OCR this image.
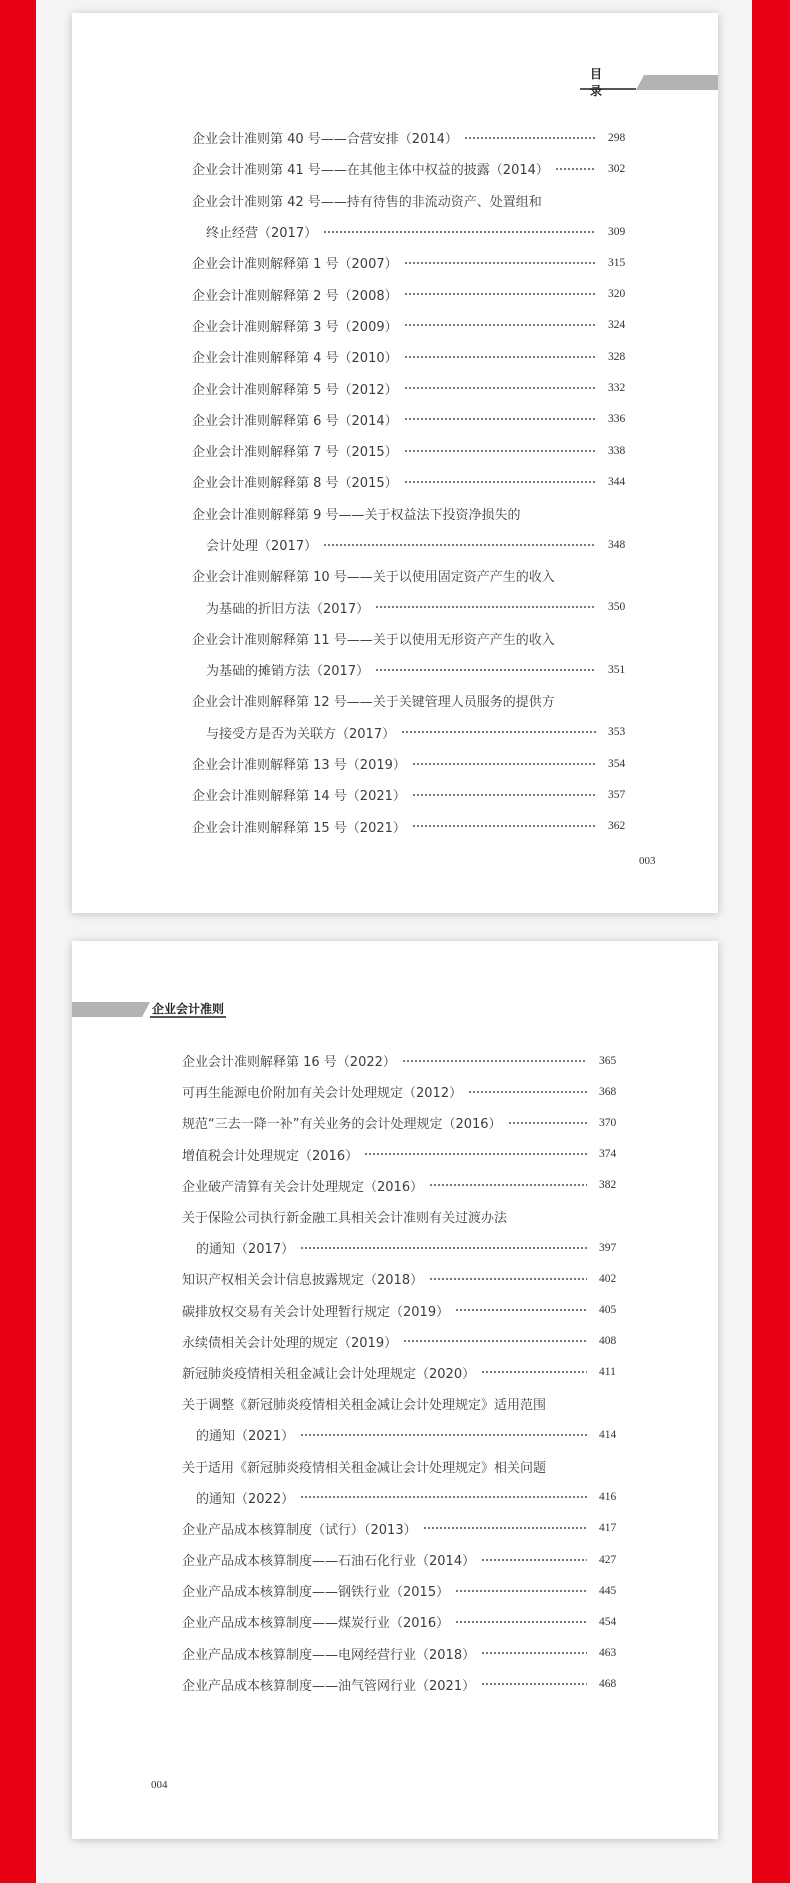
目录
企业会计准则第 40 号——合营安排（2014）	298
企业会计准则第 41 号——在其他主体中权益的披露（2014）	302
企业会计准则第 42 号——持有待售的非流动资产、处置组和
终止经营（2017）	309
企业会计准则解释第 1 号（2007）	315
企业会计准则解释第 2 号（2008）	320
企业会计准则解释第 3 号（2009）	324
企业会计准则解释第 4 号（2010）	328
企业会计准则解释第 5 号（2012）	332
企业会计准则解释第 6 号（2014）	336
企业会计准则解释第 7 号（2015）	338
企业会计准则解释第 8 号（2015）	344
企业会计准则解释第 9 号——关于权益法下投资净损失的
会计处理（2017）	348
企业会计准则解释第 10 号——关于以使用固定资产产生的收入
为基础的折旧方法（2017）	350
企业会计准则解释第 11 号——关于以使用无形资产产生的收入
为基础的摊销方法（2017）	351
企业会计准则解释第 12 号——关于关键管理人员服务的提供方
与接受方是否为关联方（2017）	353
企业会计准则解释第 13 号（2019）	354
企业会计准则解释第 14 号（2021）	357
企业会计准则解释第 15 号（2021）	362
003
企业会计准则
企业会计准则解释第 16 号（2022）	365
可再生能源电价附加有关会计处理规定（2012）	368
规范“三去一降一补”有关业务的会计处理规定（2016）	370
增值税会计处理规定（2016）	374
企业破产清算有关会计处理规定（2016）	382
关于保险公司执行新金融工具相关会计准则有关过渡办法
的通知（2017）	397
知识产权相关会计信息披露规定（2018）	402
碳排放权交易有关会计处理暂行规定（2019）	405
永续债相关会计处理的规定（2019）	408
新冠肺炎疫情相关租金减让会计处理规定（2020）	411
关于调整《新冠肺炎疫情相关租金减让会计处理规定》适用范围
的通知（2021）	414
关于适用《新冠肺炎疫情相关租金减让会计处理规定》相关问题
的通知（2022）	416
企业产品成本核算制度（试行）（2013）	417
企业产品成本核算制度——石油石化行业（2014）	427
企业产品成本核算制度——钢铁行业（2015）	445
企业产品成本核算制度——煤炭行业（2016）	454
企业产品成本核算制度——电网经营行业（2018）	463
企业产品成本核算制度——油气管网行业（2021）	468
004
